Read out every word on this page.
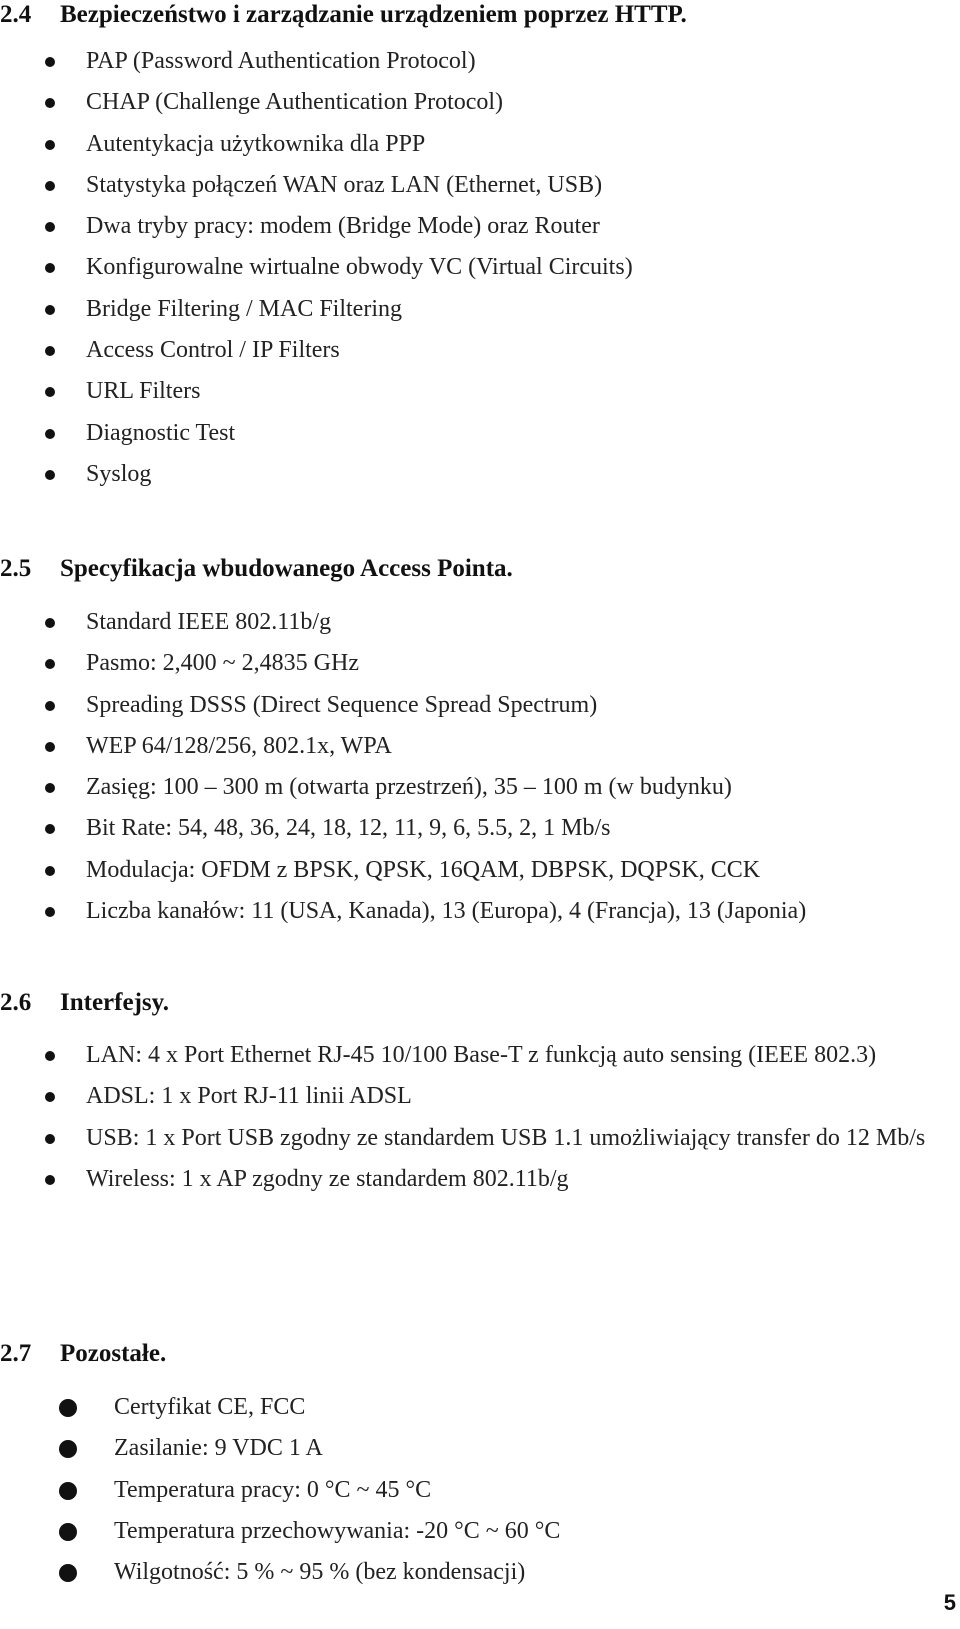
2.4 Bezpieczeństwo i zarządzanie urządzeniem poprzez HTTP.
PAP (Password Authentication Protocol)
CHAP (Challenge Authentication Protocol)
Autentykacja użytkownika dla PPP
Statystyka połączeń WAN oraz LAN (Ethernet, USB)
Dwa tryby pracy: modem (Bridge Mode) oraz Router
Konfigurowalne wirtualne obwody VC (Virtual Circuits)
Bridge Filtering / MAC Filtering
Access Control / IP Filters
URL Filters
Diagnostic Test
Syslog
2.5 Specyfikacja wbudowanego Access Pointa.
Standard IEEE 802.11b/g
Pasmo: 2,400 ~ 2,4835 GHz
Spreading DSSS (Direct Sequence Spread Spectrum)
WEP 64/128/256, 802.1x, WPA
Zasięg: 100 – 300 m (otwarta przestrzeń), 35 – 100 m (w budynku)
Bit Rate: 54, 48, 36, 24, 18, 12, 11, 9, 6, 5.5, 2, 1 Mb/s
Modulacja: OFDM z BPSK, QPSK, 16QAM, DBPSK, DQPSK, CCK
Liczba kanałów: 11 (USA, Kanada), 13 (Europa), 4 (Francja), 13 (Japonia)
2.6 Interfejsy.
LAN: 4 x Port Ethernet RJ-45 10/100 Base-T z funkcją auto sensing (IEEE 802.3)
ADSL: 1 x Port RJ-11 linii ADSL
USB: 1 x Port USB zgodny ze standardem USB 1.1 umożliwiający transfer do 12 Mb/s
Wireless: 1 x AP zgodny ze standardem 802.11b/g
2.7 Pozostałe.
Certyfikat CE, FCC
Zasilanie: 9 VDC 1 A
Temperatura pracy: 0 °C ~ 45 °C
Temperatura przechowywania: -20 °C ~ 60 °C
Wilgotność: 5 % ~ 95 % (bez kondensacji)
5
